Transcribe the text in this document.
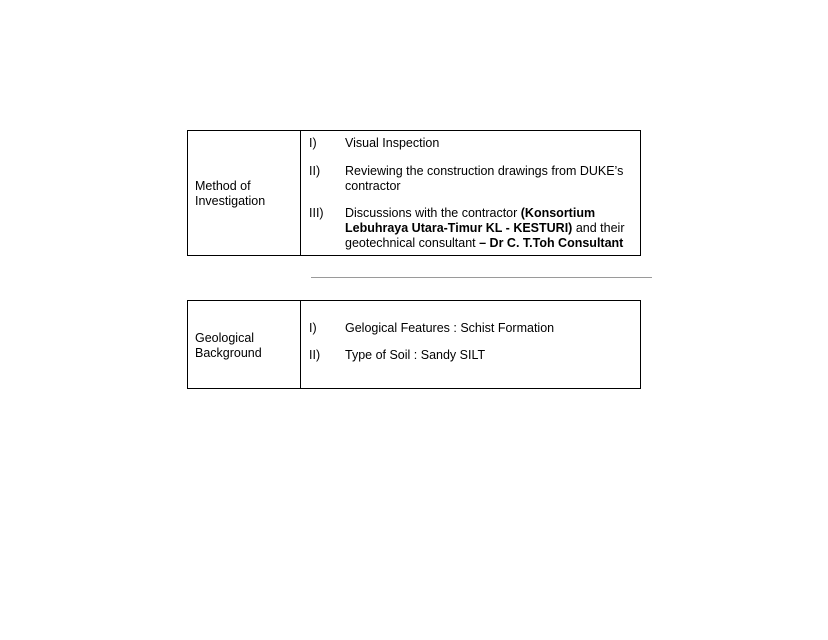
Method of
Investigation
I) Visual Inspection
II) Reviewing the construction drawings from DUKE’s contractor
III) Discussions with the contractor (Konsortium Lebuhraya Utara-Timur KL - KESTURI) and their geotechnical consultant – Dr C. T.Toh Consultant
Geological
Background
I) Gelogical Features : Schist Formation
II) Type of Soil : Sandy SILT
